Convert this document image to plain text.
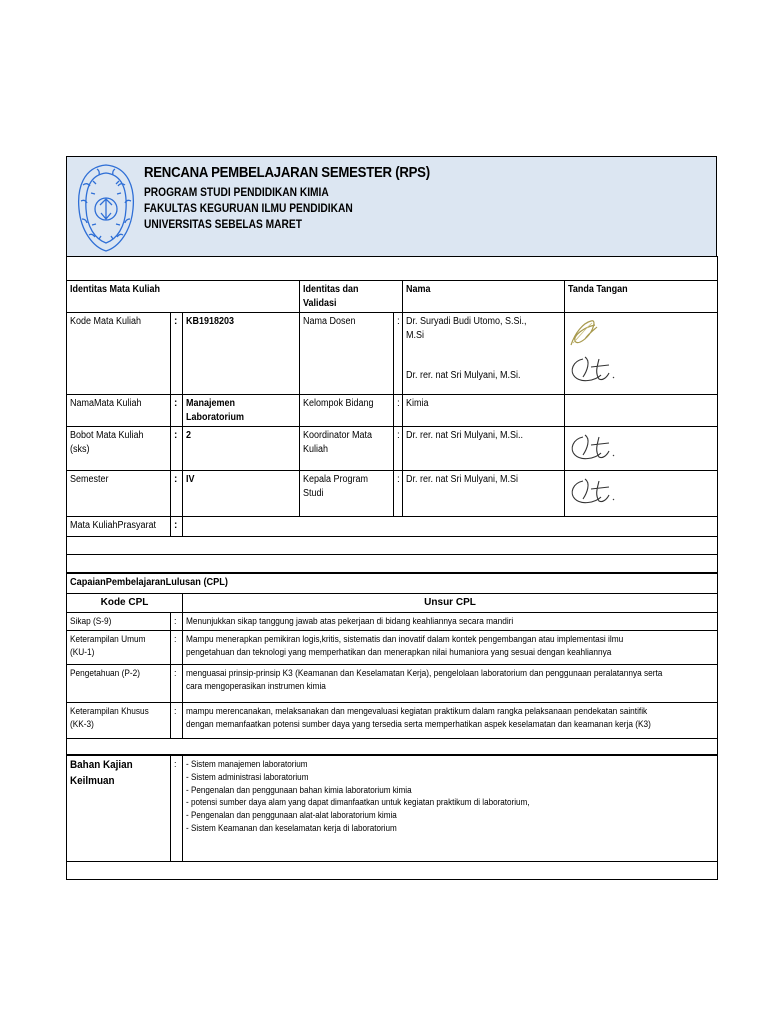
RENCANA PEMBELAJARAN SEMESTER (RPS)
PROGRAM STUDI PENDIDIKAN KIMIA
FAKULTAS KEGURUAN ILMU PENDIDIKAN
UNIVERSITAS SEBELAS MARET

Identitas Mata Kuliah			Identitas dan Validasi		Nama	Tanda Tangan
Kode Mata Kuliah	:	KB1918203	Nama Dosen	:	Dr. Suryadi Budi Utomo, S.Si., M.Si

Dr. rer. nat Sri Mulyani, M.Si.	

NamaMata Kuliah	:	Manajemen Laboratorium	Kelompok Bidang	:	Kimia	
Bobot Mata Kuliah (sks)	:	2	Koordinator Mata Kuliah	:	Dr. rer. nat Sri Mulyani, M.Si..	

Semester	:	IV	Kepala Program Studi	:	Dr. rer. nat Sri Mulyani, M.Si	

Mata KuliahPrasyarat	:					

CapaianPembelajaranLulusan (CPL)		
Kode CPL		Unsur CPL
Sikap (S-9)	:	Menunjukkan sikap tanggung jawab atas pekerjaan di bidang keahliannya secara mandiri
Keterampilan Umum (KU-1)	:	Mampu menerapkan pemikiran logis,kritis, sistematis dan inovatif dalam kontek pengembangan atau implementasi ilmu pengetahuan dan teknologi yang memperhatikan dan menerapkan nilai humaniora yang sesuai dengan keahliannya
Pengetahuan (P-2)	:	menguasai prinsip-prinsip K3 (Keamanan dan Keselamatan Kerja), pengelolaan laboratorium dan penggunaan peralatannya serta cara mengoperasikan instrumen kimia
Keterampilan Khusus (KK-3)	:	mampu merencanakan, melaksanakan dan mengevaluasi kegiatan praktikum dalam rangka pelaksanaan pendekatan saintifik dengan memanfaatkan potensi sumber daya yang tersedia serta memperhatikan aspek keselamatan dan keamanan kerja (K3)

Bahan Kajian Keilmuan	:	- Sistem manajemen laboratorium
- Sistem administrasi laboratorium
- Pengenalan dan penggunaan bahan kimia laboratorium kimia
- potensi sumber daya alam yang dapat dimanfaatkan untuk kegiatan praktikum di laboratorium,
- Pengenalan dan penggunaan alat-alat laboratorium kimia
- Sistem Keamanan dan keselamatan kerja di laboratorium
